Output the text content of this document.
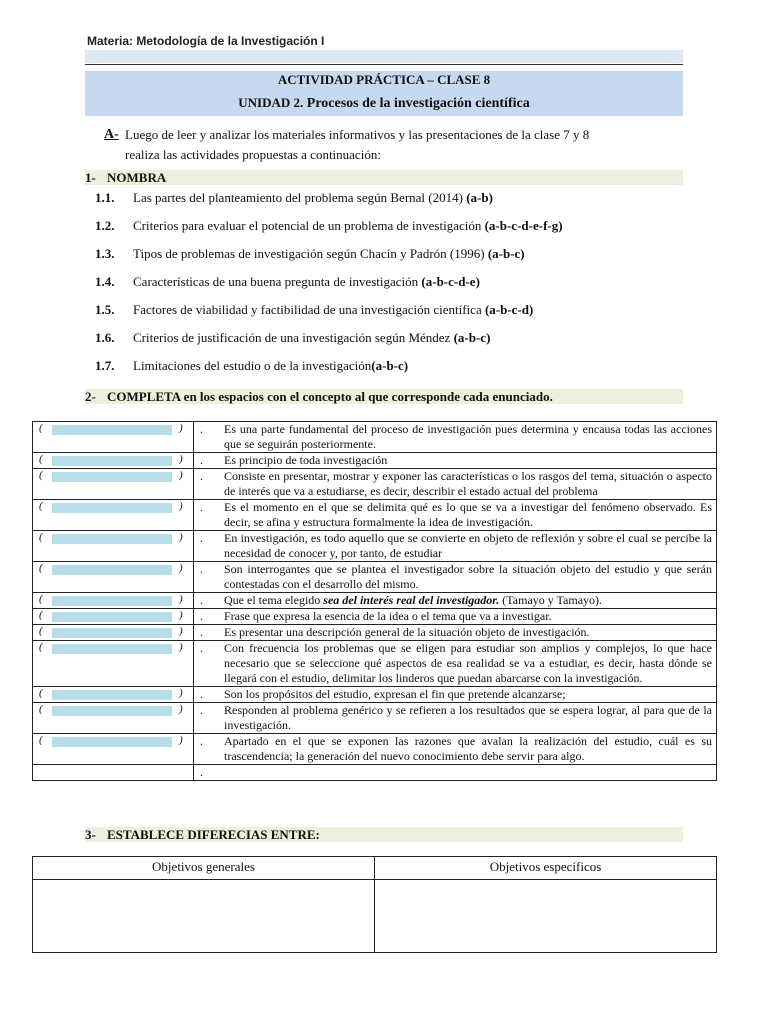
Materia: Metodología de la Investigación I
ACTIVIDAD PRÁCTICA – CLASE 8
UNIDAD 2. Procesos de la investigación científica
A- Luego de leer y analizar los materiales informativos y las presentaciones de la clase 7 y 8
realiza las actividades propuestas a continuación:
1- NOMBRA
1.1. Las partes del planteamiento del problema según Bernal (2014) (a-b)
1.2. Criterios para evaluar el potencial de un problema de investigación (a-b-c-d-e-f-g)
1.3. Tipos de problemas de investigación según Chacín y Padrón (1996) (a-b-c)
1.4. Características de una buena pregunta de investigación (a-b-c-d-e)
1.5. Factores de viabilidad y factibilidad de una investigación científica (a-b-c-d)
1.6. Criterios de justificación de una investigación según Méndez (a-b-c)
1.7. Limitaciones del estudio o de la investigación(a-b-c)
2- COMPLETA en los espacios con el concepto al que corresponde cada enunciado.
( )	. Es una parte fundamental del proceso de investigación pues determina y encausa todas las acciones que se seguirán posteriormente.

( )	. Es principio de toda investigación

( )	. Consiste en presentar, mostrar y exponer las características o los rasgos del tema, situación o aspecto de interés que va a estudiarse, es decir, describir el estado actual del problema

( )	. Es el momento en el que se delimita qué es lo que se va a investigar del fenómeno observado. Es decir, se afina y estructura formalmente la idea de investigación.

( )	. En investigación, es todo aquello que se convierte en objeto de reflexión y sobre el cual se percibe la necesidad de conocer y, por tanto, de estudiar

( )	. Son interrogantes que se plantea el investigador sobre la situación objeto del estudio y que serán contestadas con el desarrollo del mismo.

( )	. Que el tema elegido sea del interés real del investigador. (Tamayo y Tamayo).

( )	. Frase que expresa la esencia de la idea o el tema que va a investigar.

( )	. Es presentar una descripción general de la situación objeto de investigación.

( )	. Con frecuencia los problemas que se eligen para estudiar son amplios y complejos, lo que hace necesario que se seleccione qué aspectos de esa realidad se va a estudiar, es decir, hasta dónde se llegará con el estudio, delimitar los linderos que puedan abarcarse con la investigación.

( )	. Son los propósitos del estudio, expresan el fin que pretende alcanzarse;

( )	. Responden al problema genérico y se refieren a los resultados que se espera lograr, al para que de la investigación.

( )	. Apartado en el que se exponen las razones que avalan la realización del estudio, cuál es su trascendencia; la generación del nuevo conocimiento debe servir para algo.

	.
3- ESTABLECE DIFERECIAS ENTRE:
Objetivos generales	Objetivos específicos
